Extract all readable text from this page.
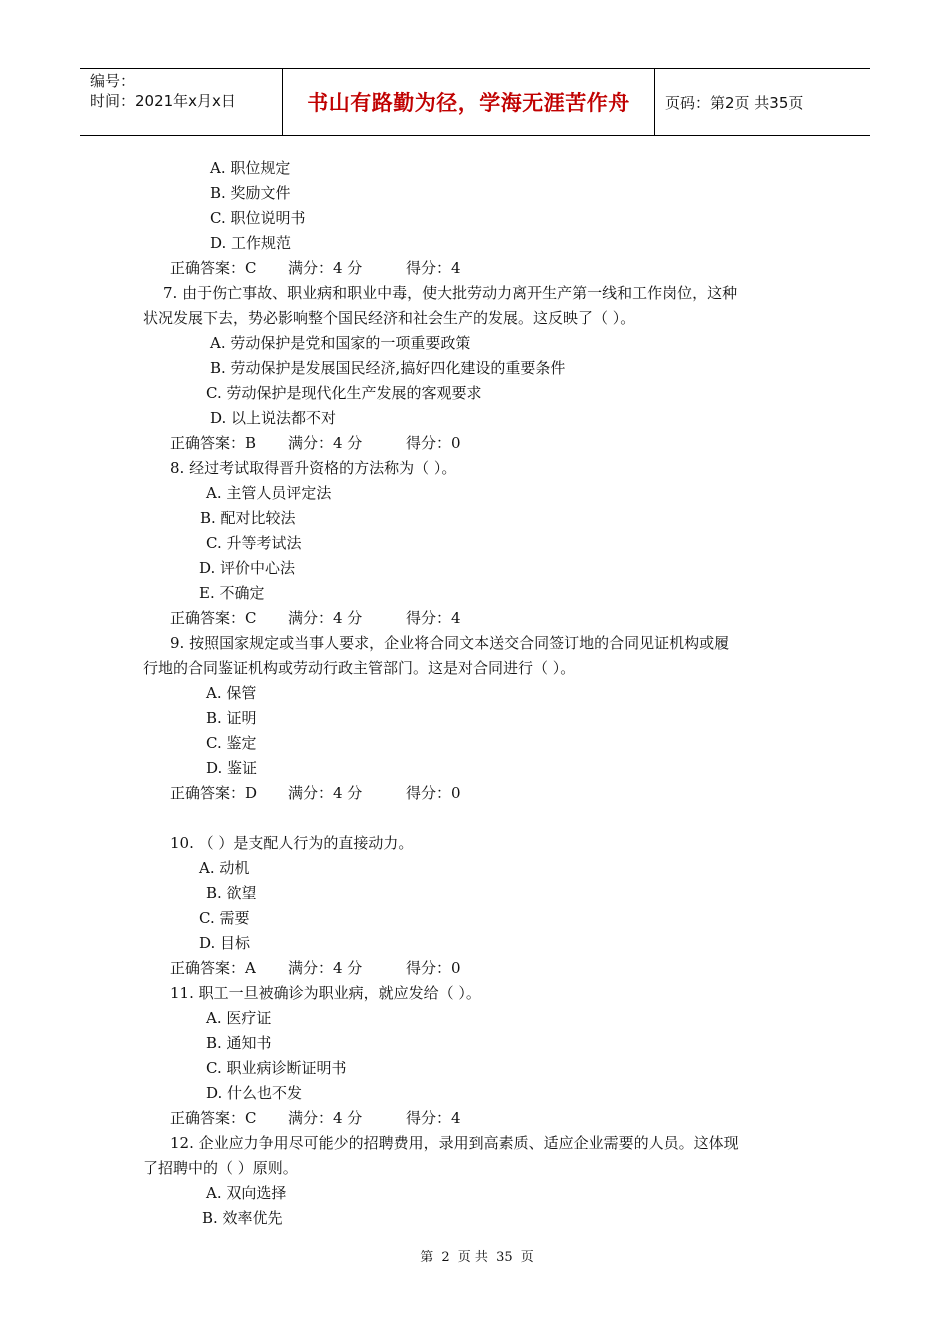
编号：
时间：2021年x月x日	书山有路勤为径，学海无涯苦作舟 页码：第2页 共35页
A. 职位规定
B. 奖励文件
C. 职位说明书
D. 工作规范
正确答案：C 满分：4 分	得分：4
7. 由于伤亡事故、职业病和职业中毒，使大批劳动力离开生产第一线和工作岗位，这种
状况发展下去，势必影响整个国民经济和社会生产的发展。这反映了（ ）。
A. 劳动保护是党和国家的一项重要政策
B. 劳动保护是发展国民经济,搞好四化建设的重要条件
C. 劳动保护是现代化生产发展的客观要求
D. 以上说法都不对
正确答案：B 满分：4 分	得分：0
8. 经过考试取得晋升资格的方法称为（ ）。
A. 主管人员评定法
B. 配对比较法
C. 升等考试法
D. 评价中心法
E. 不确定
正确答案：C 满分：4 分	得分：4
9. 按照国家规定或当事人要求，企业将合同文本送交合同签订地的合同见证机构或履
行地的合同鉴证机构或劳动行政主管部门。这是对合同进行（ ）。
A. 保管
B. 证明
C. 鉴定
D. 鉴证
正确答案：D 满分：4 分	得分：0
10. （ ）是支配人行为的直接动力。
A. 动机
B. 欲望
C. 需要
D. 目标
正确答案：A 满分：4 分	得分：0
11. 职工一旦被确诊为职业病，就应发给（ ）。
A. 医疗证
B. 通知书
C. 职业病诊断证明书
D. 什么也不发
正确答案：C 满分：4 分	得分：4
12. 企业应力争用尽可能少的招聘费用，录用到高素质、适应企业需要的人员。这体现
了招聘中的（ ）原则。
A. 双向选择
B. 效率优先
第 2 页 共 35 页
